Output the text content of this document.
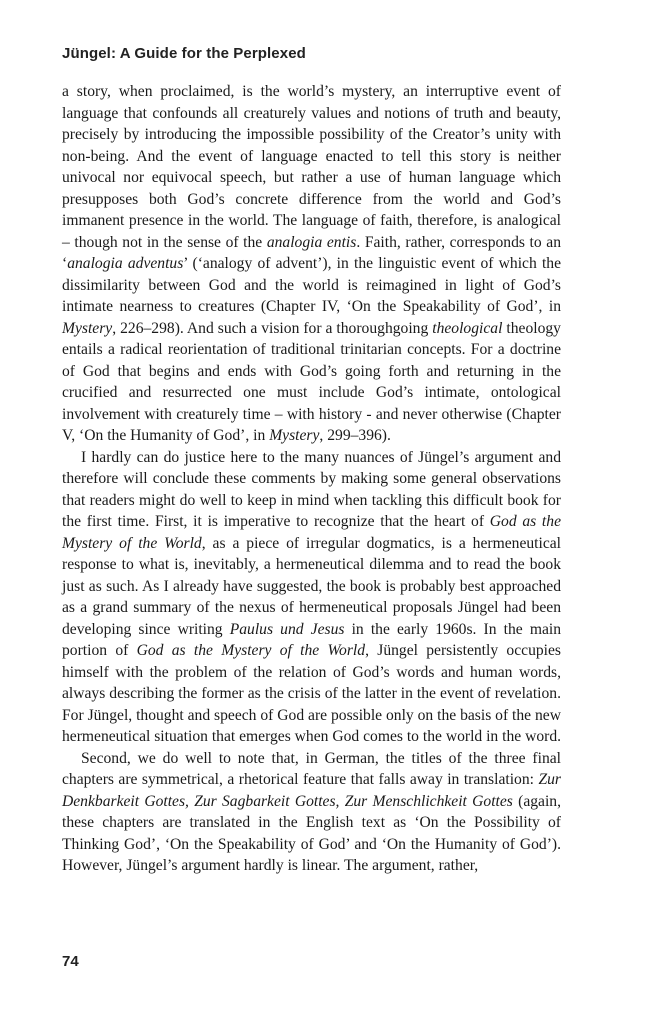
Jüngel: A Guide for the Perplexed

a story, when proclaimed, is the world’s mystery, an interruptive event of language that confounds all creaturely values and notions of truth and beauty, precisely by introducing the impossible possibility of the Creator’s unity with non-being. And the event of language enacted to tell this story is neither univocal nor equivocal speech, but rather a use of human language which presupposes both God’s concrete difference from the world and God’s immanent presence in the world. The language of faith, therefore, is analogical – though not in the sense of the analogia entis. Faith, rather, corresponds to an ‘analogia adventus’ (‘analogy of advent’), in the linguistic event of which the dissimilarity between God and the world is reimagined in light of God’s intimate nearness to creatures (Chapter IV, ‘On the Speakability of God’, in Mystery, 226–298). And such a vision for a thoroughgoing theological theology entails a radical reorientation of traditional trinitarian concepts. For a doctrine of God that begins and ends with God’s going forth and returning in the crucified and resurrected one must include God’s intimate, ontological involvement with creaturely time – with history - and never otherwise (Chapter V, ‘On the Humanity of God’, in Mystery, 299–396).

I hardly can do justice here to the many nuances of Jüngel’s argument and therefore will conclude these comments by making some general observations that readers might do well to keep in mind when tackling this difficult book for the first time. First, it is imperative to recognize that the heart of God as the Mystery of the World, as a piece of irregular dogmatics, is a hermeneutical response to what is, inevitably, a hermeneutical dilemma and to read the book just as such. As I already have suggested, the book is probably best approached as a grand summary of the nexus of hermeneutical proposals Jüngel had been developing since writing Paulus und Jesus in the early 1960s. In the main portion of God as the Mystery of the World, Jüngel persistently occupies himself with the problem of the relation of God’s words and human words, always describing the former as the crisis of the latter in the event of revelation. For Jüngel, thought and speech of God are possible only on the basis of the new hermeneutical situation that emerges when God comes to the world in the word.

Second, we do well to note that, in German, the titles of the three final chapters are symmetrical, a rhetorical feature that falls away in translation: Zur Denkbarkeit Gottes, Zur Sagbarkeit Gottes, Zur Menschlichkeit Gottes (again, these chapters are translated in the English text as ‘On the Possibility of Thinking God’, ‘On the Speakability of God’ and ‘On the Humanity of God’). However, Jüngel’s argument hardly is linear. The argument, rather,

74
